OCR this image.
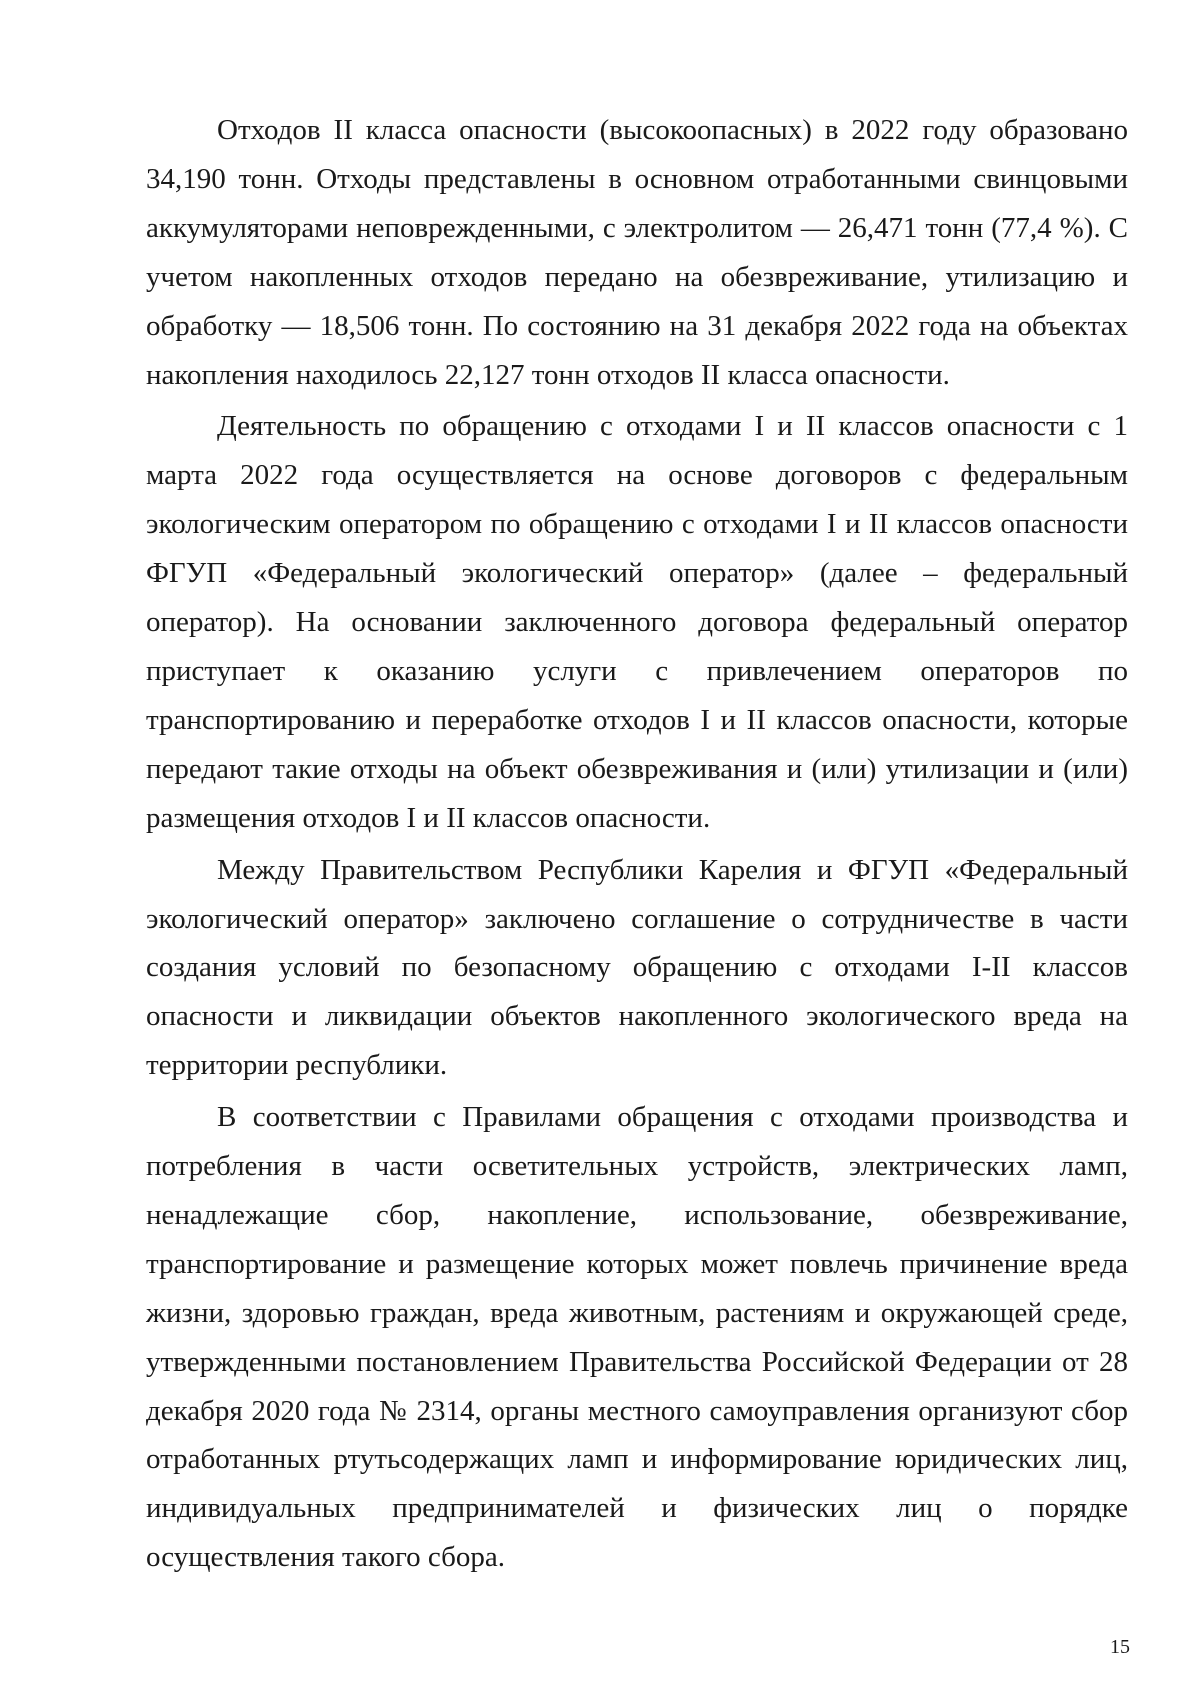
Отходов II класса опасности (высокоопасных) в 2022 году образовано 34,190 тонн. Отходы представлены в основном отработанными свинцовыми аккумуляторами неповрежденными, с электролитом — 26,471 тонн (77,4 %). С учетом накопленных отходов передано на обезвреживание, утилизацию и обработку — 18,506 тонн. По состоянию на 31 декабря 2022 года на объектах накопления находилось 22,127 тонн отходов II класса опасности.

Деятельность по обращению с отходами I и II классов опасности с 1 марта 2022 года осуществляется на основе договоров с федеральным экологическим оператором по обращению с отходами I и II классов опасности ФГУП «Федеральный экологический оператор» (далее – федеральный оператор). На основании заключенного договора федеральный оператор приступает к оказанию услуги с привлечением операторов по транспортированию и переработке отходов I и II классов опасности, которые передают такие отходы на объект обезвреживания и (или) утилизации и (или) размещения отходов I и II классов опасности.

Между Правительством Республики Карелия и ФГУП «Федеральный экологический оператор» заключено соглашение о сотрудничестве в части создания условий по безопасному обращению с отходами I-II классов опасности и ликвидации объектов накопленного экологического вреда на территории республики.

В соответствии с Правилами обращения с отходами производства и потребления в части осветительных устройств, электрических ламп, ненадлежащие сбор, накопление, использование, обезвреживание, транспортирование и размещение которых может повлечь причинение вреда жизни, здоровью граждан, вреда животным, растениям и окружающей среде, утвержденными постановлением Правительства Российской Федерации от 28 декабря 2020 года № 2314, органы местного самоуправления организуют сбор отработанных ртутьсодержащих ламп и информирование юридических лиц, индивидуальных предпринимателей и физических лиц о порядке осуществления такого сбора.

15
